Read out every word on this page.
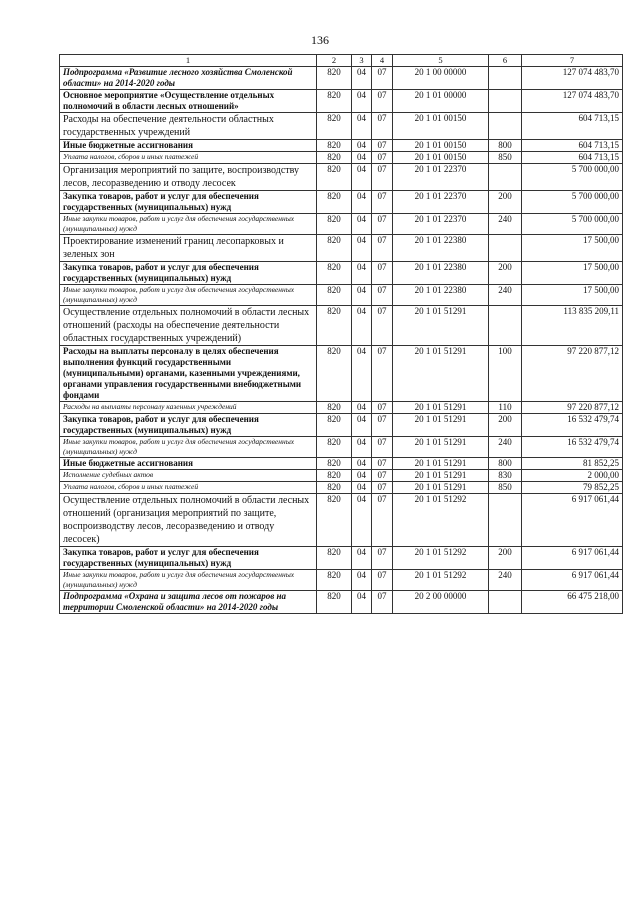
136
1	2	3	4	5	6	7
Подпрограмма «Развитие лесного хозяйства Смоленской области» на 2014-2020 годы	820	04	07	20 1 00 00000		127 074 483,70
Основное мероприятие «Осуществление отдельных полномочий в области лесных отношений»	820	04	07	20 1 01 00000		127 074 483,70
Расходы на обеспечение деятельности областных государственных учреждений	820	04	07	20 1 01 00150		604 713,15
Иные бюджетные ассигнования	820	04	07	20 1 01 00150	800	604 713,15
Уплата налогов, сборов и иных платежей	820	04	07	20 1 01 00150	850	604 713,15
Организация мероприятий по защите, воспроизводству лесов, лесоразведению и отводу лесосек	820	04	07	20 1 01 22370		5 700 000,00
Закупка товаров, работ и услуг для обеспечения государственных (муниципальных) нужд	820	04	07	20 1 01 22370	200	5 700 000,00
Иные закупки товаров, работ и услуг для обеспечения государственных (муниципальных) нужд	820	04	07	20 1 01 22370	240	5 700 000,00
Проектирование изменений границ лесопарковых и зеленых зон	820	04	07	20 1 01 22380		17 500,00
Закупка товаров, работ и услуг для обеспечения государственных (муниципальных) нужд	820	04	07	20 1 01 22380	200	17 500,00
Иные закупки товаров, работ и услуг для обеспечения государственных (муниципальных) нужд	820	04	07	20 1 01 22380	240	17 500,00
Осуществление отдельных полномочий в области лесных отношений (расходы на обеспечение деятельности областных государственных учреждений)	820	04	07	20 1 01 51291		113 835 209,11
Расходы на выплаты персоналу в целях обеспечения выполнения функций государственными (муниципальными) органами, казенными учреждениями, органами управления государственными внебюджетными фондами	820	04	07	20 1 01 51291	100	97 220 877,12
Расходы на выплаты персоналу казенных учреждений	820	04	07	20 1 01 51291	110	97 220 877,12
Закупка товаров, работ и услуг для обеспечения государственных (муниципальных) нужд	820	04	07	20 1 01 51291	200	16 532 479,74
Иные закупки товаров, работ и услуг для обеспечения государственных (муниципальных) нужд	820	04	07	20 1 01 51291	240	16 532 479,74
Иные бюджетные ассигнования	820	04	07	20 1 01 51291	800	81 852,25
Исполнение судебных актов	820	04	07	20 1 01 51291	830	2 000,00
Уплата налогов, сборов и иных платежей	820	04	07	20 1 01 51291	850	79 852,25
Осуществление отдельных полномочий в области лесных отношений (организация мероприятий по защите, воспроизводству лесов, лесоразведению и отводу лесосек)	820	04	07	20 1 01 51292		6 917 061,44
Закупка товаров, работ и услуг для обеспечения государственных (муниципальных) нужд	820	04	07	20 1 01 51292	200	6 917 061,44
Иные закупки товаров, работ и услуг для обеспечения государственных (муниципальных) нужд	820	04	07	20 1 01 51292	240	6 917 061,44
Подпрограмма «Охрана и защита лесов от пожаров на территории Смоленской области» на 2014-2020 годы	820	04	07	20 2 00 00000		66 475 218,00
